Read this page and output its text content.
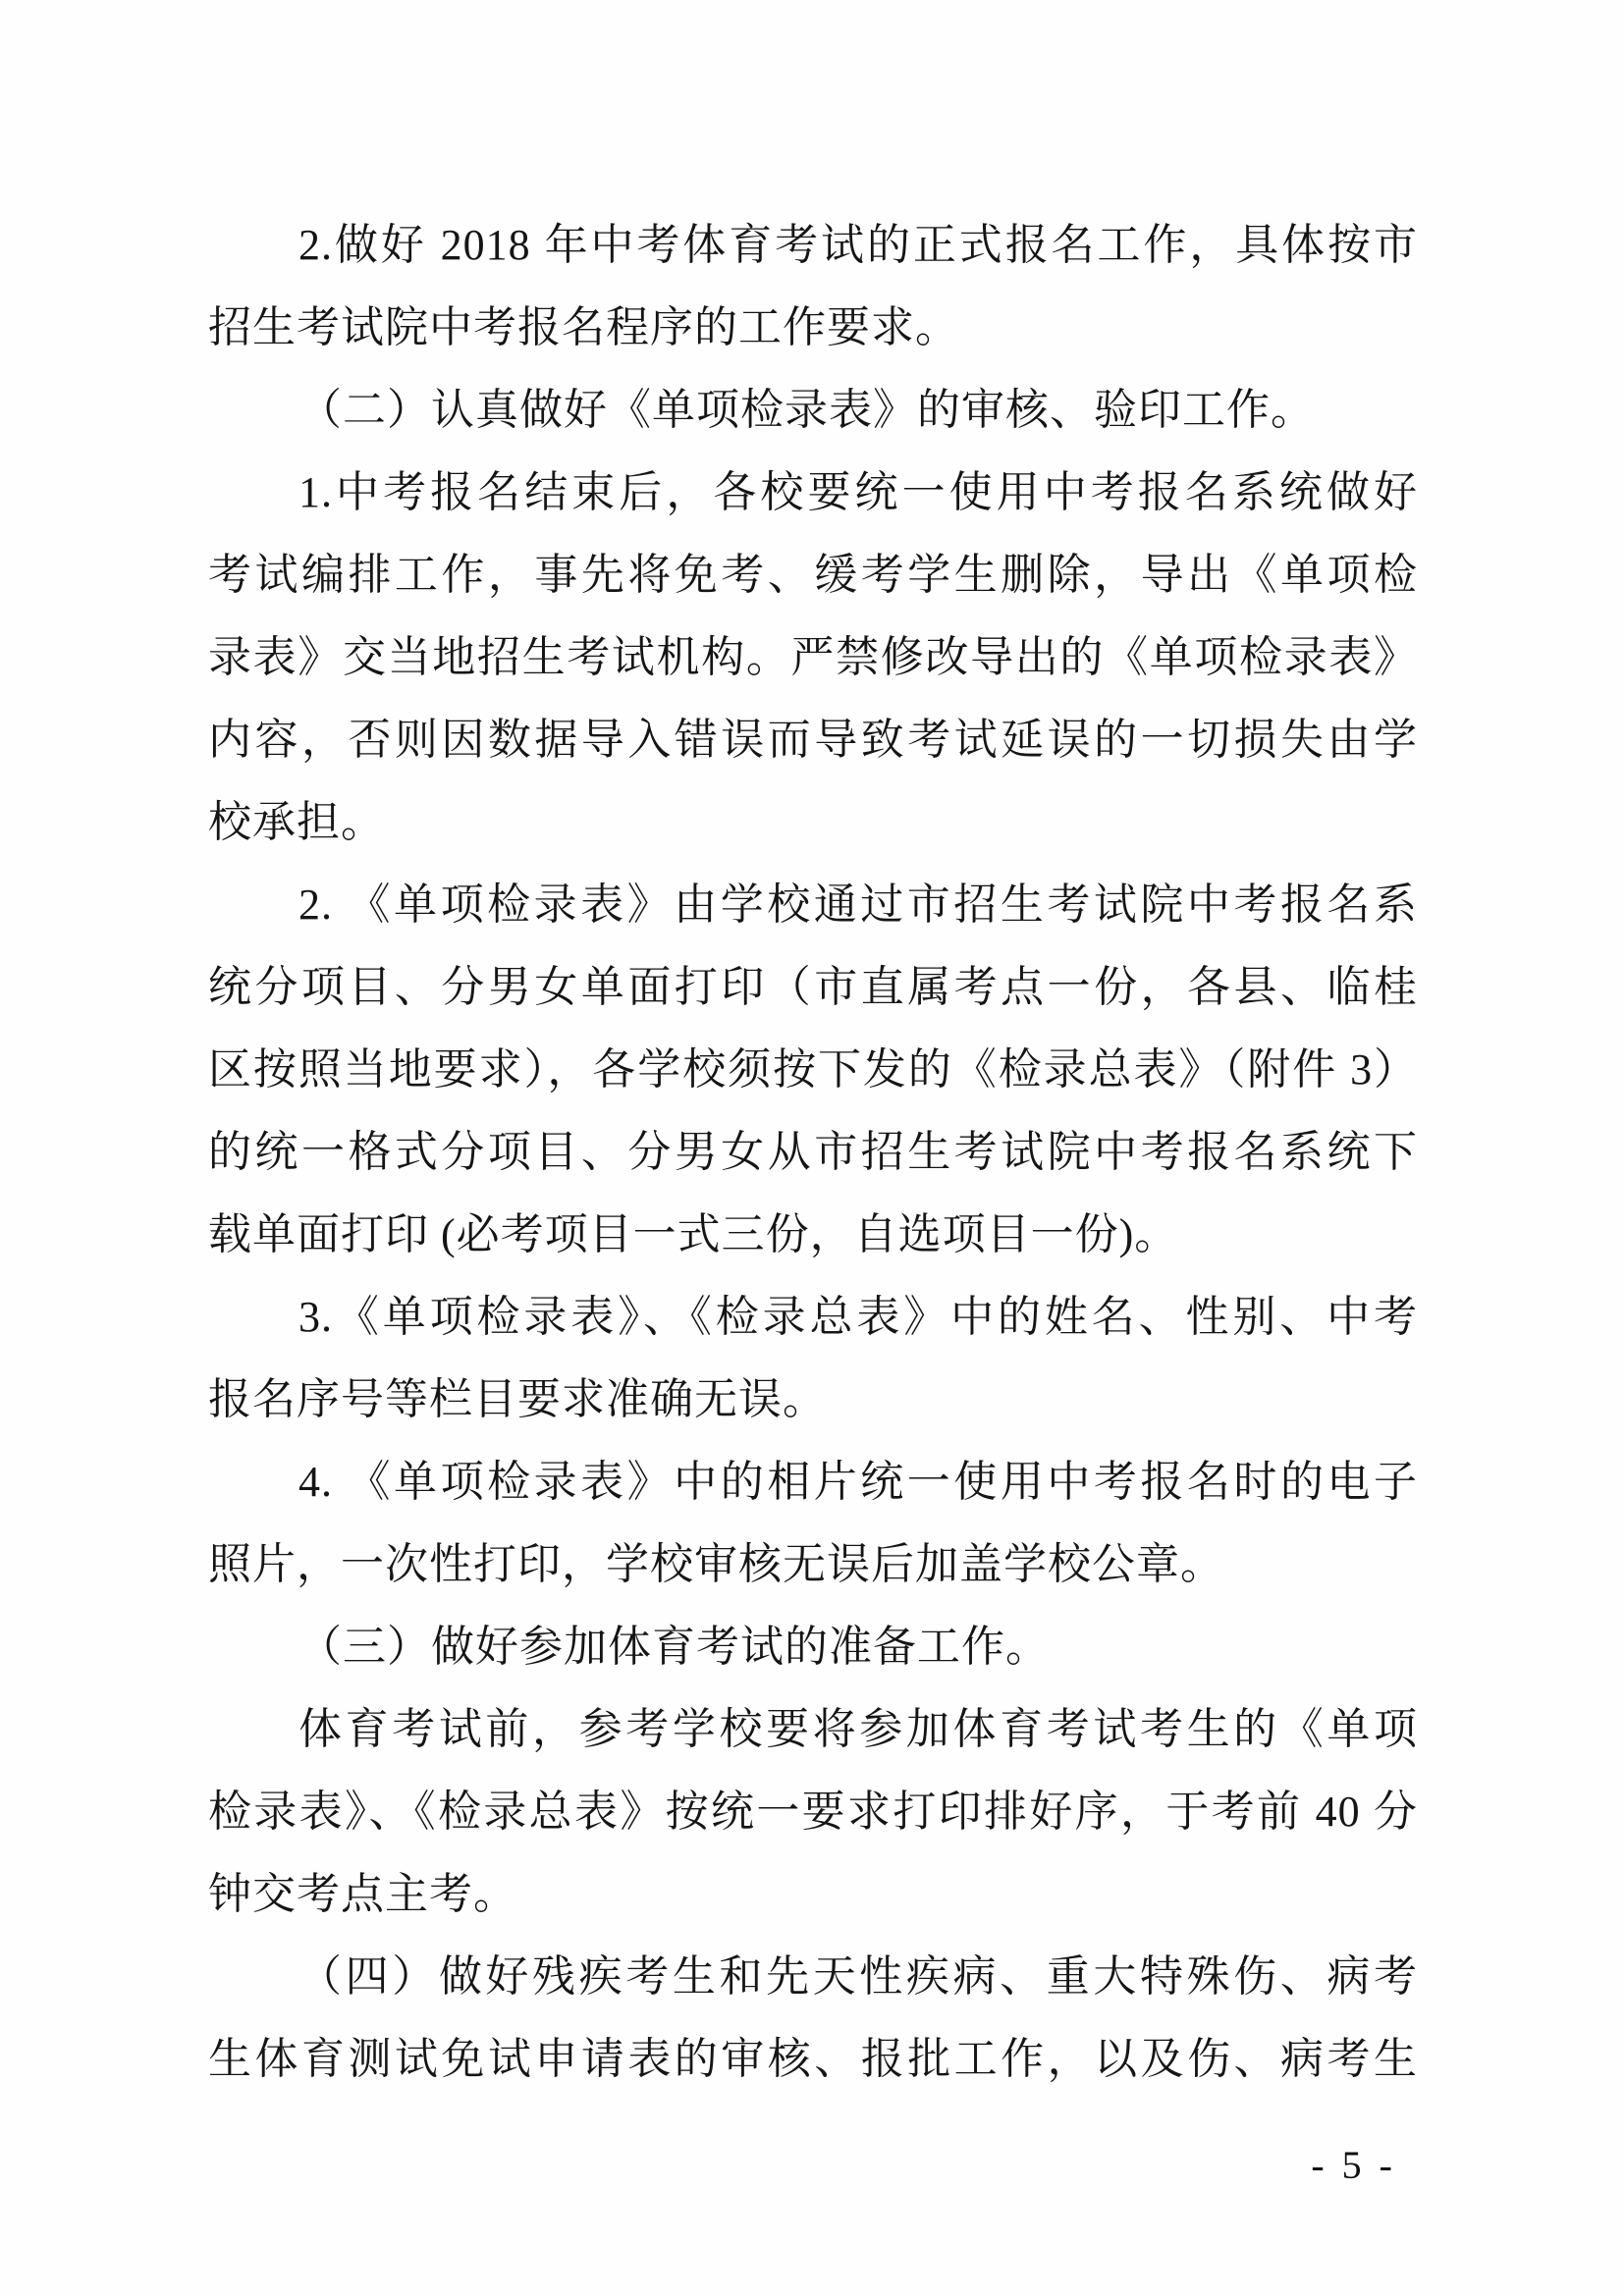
2.做好 2018 年中考体育考试的正式报名工作，具体按市
招生考试院中考报名程序的工作要求。
（二）认真做好《单项检录表》的审核、验印工作。
1.中考报名结束后，各校要统一使用中考报名系统做好
考试编排工作，事先将免考、缓考学生删除，导出《单项检
录表》交当地招生考试机构。严禁修改导出的《单项检录表》
内容，否则因数据导入错误而导致考试延误的一切损失由学
校承担。
2. 《单项检录表》由学校通过市招生考试院中考报名系
统分项目、分男女单面打印（市直属考点一份，各县、临桂
区按照当地要求），各学校须按下发的《检录总表》（附件 3）
的统一格式分项目、分男女从市招生考试院中考报名系统下
载单面打印 (必考项目一式三份，自选项目一份)。
3.《单项检录表》、《检录总表》中的姓名、性别、中考
报名序号等栏目要求准确无误。
4. 《单项检录表》中的相片统一使用中考报名时的电子
照片，一次性打印，学校审核无误后加盖学校公章。
（三）做好参加体育考试的准备工作。
体育考试前，参考学校要将参加体育考试考生的《单项
检录表》、《检录总表》按统一要求打印排好序，于考前 40 分
钟交考点主考。
（四）做好残疾考生和先天性疾病、重大特殊伤、病考
生体育测试免试申请表的审核、报批工作，以及伤、病考生
- 5 -
